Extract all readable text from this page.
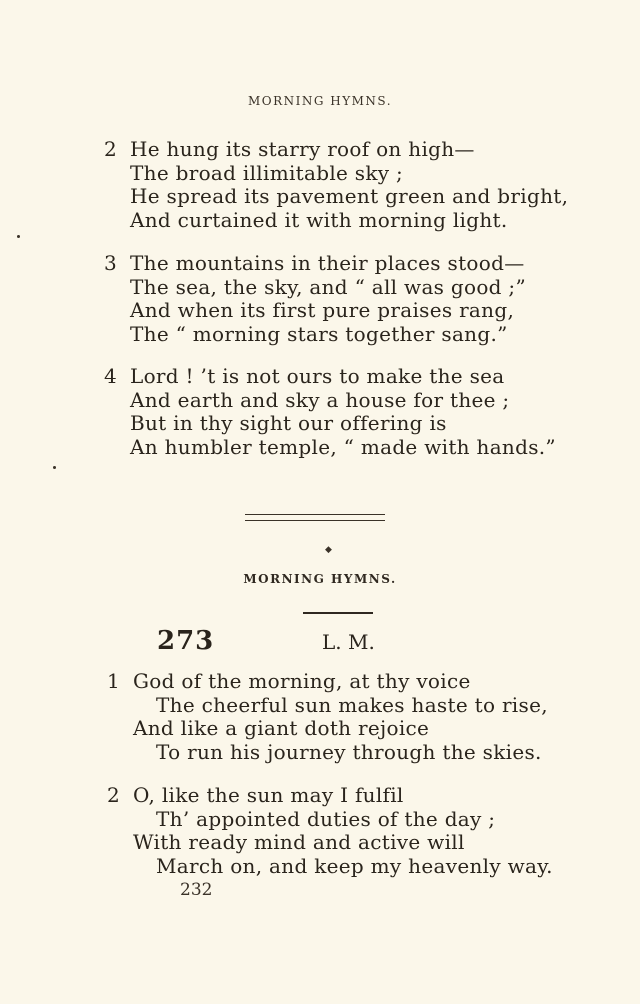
MORNING HYMNS.
2 He hung its starry roof on high—
The broad illimitable sky ;
He spread its pavement green and bright,
And curtained it with morning light.
3 The mountains in their places stood—
The sea, the sky, and “ all was good ;”
And when its first pure praises rang,
The “ morning stars together sang.”
4 Lord ! ’t is not ours to make the sea
And earth and sky a house for thee ;
But in thy sight our offering is
An humbler temple, “ made with hands.”
◆
MORNING HYMNS.
273	L. M.
1 God of the morning, at thy voice
The cheerful sun makes haste to rise,
And like a giant doth rejoice
To run his journey through the skies.
2 O, like the sun may I fulfil
Th’ appointed duties of the day ;
With ready mind and active will
March on, and keep my heavenly way.
232
